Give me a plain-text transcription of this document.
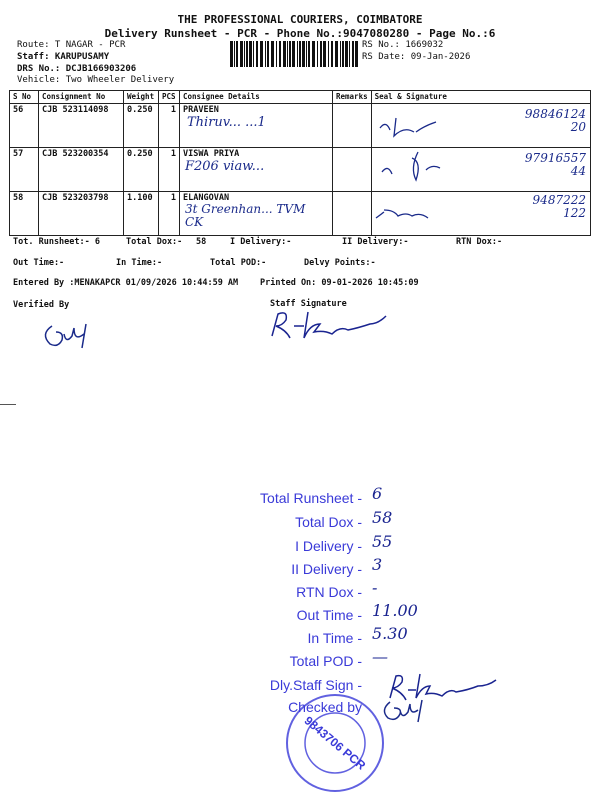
THE PROFESSIONAL COURIERS, COIMBATORE
Delivery Runsheet - PCR - Phone No.:9047080280 - Page No.:6
Route: T NAGAR - PCR
Staff: KARUPUSAMY
DRS No.: DCJB166903206
Vehicle: Two Wheeler Delivery
RS No.: 1669032
RS Date: 09-Jan-2026
S No	Consignment No	Weight	PCS	Consignee Details	Remarks	Seal & Signature
56	CJB 523114098	0.250	1	PRAVEEN
Thiruv... ...1		98846124 20

57	CJB 523200354	0.250	1	VISWA PRIYA
F206 viaw...		97916557 44

58	CJB 523203798	1.100	1	ELANGOVAN
3t Greenhan... TVM CK		9487222 122
Tot. Runsheet:- 6	Total Dox:- 58	I Delivery:-	II Delivery:-	RTN Dox:-
Out Time:-	In Time:-	Total POD:-	Delvy Points:-
Entered By :MENAKAPCR 01/09/2026 10:44:59 AM	Printed On: 09-01-2026 10:45:09
Verified By	Staff Signature
Total Runsheet - 6
Total Dox - 58
I Delivery - 55
II Delivery - 3
RTN Dox - -
Out Time - 11.00
In Time - 5.30
Total POD - —
Dly.Staff Sign -
Checked by
9843706 PCR
